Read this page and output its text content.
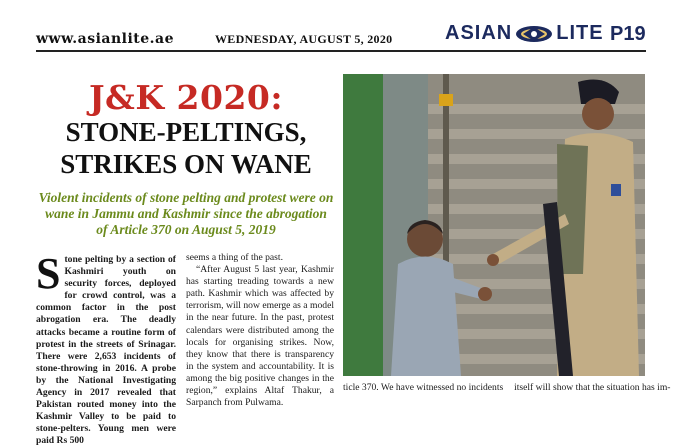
www.asianlite.ae	WEDNESDAY, AUGUST 5, 2020	ASIAN LITE P19
J&K 2020:
STONE-PELTINGS,
STRIKES ON WANE
Violent incidents of stone pelting and protest were on wane in Jammu and Kashmir since the abrogation of Article 370 on August 5, 2019
S tone pelting by a section of Kashmiri youth on security forces, deployed for crowd control, was a common factor in the post abrogation era. The deadly attacks became a routine form of protest in the streets of Srinagar. There were 2,653 incidents of stone-throwing in 2016. A probe by the National Investigating Agency in 2017 revealed that Pakistan routed money into the Kashmir Valley to be paid to stone-pelters. Young men were paid Rs 500

seems a thing of the past.

“After August 5 last year, Kashmir has starting treading towards a new path. Kashmir which was affected by terrorism, will now emerge as a model in the near future. In the past, protest calendars were distributed among the locals for organising strikes. Now, they know that there is transparency in the system and accountability. It is among the big positive changes in the region,” explains Altaf Thakur, a Sarpanch from Pulwama.

ticle 370. We have witnessed no incidents itself will show that the situation has im-
